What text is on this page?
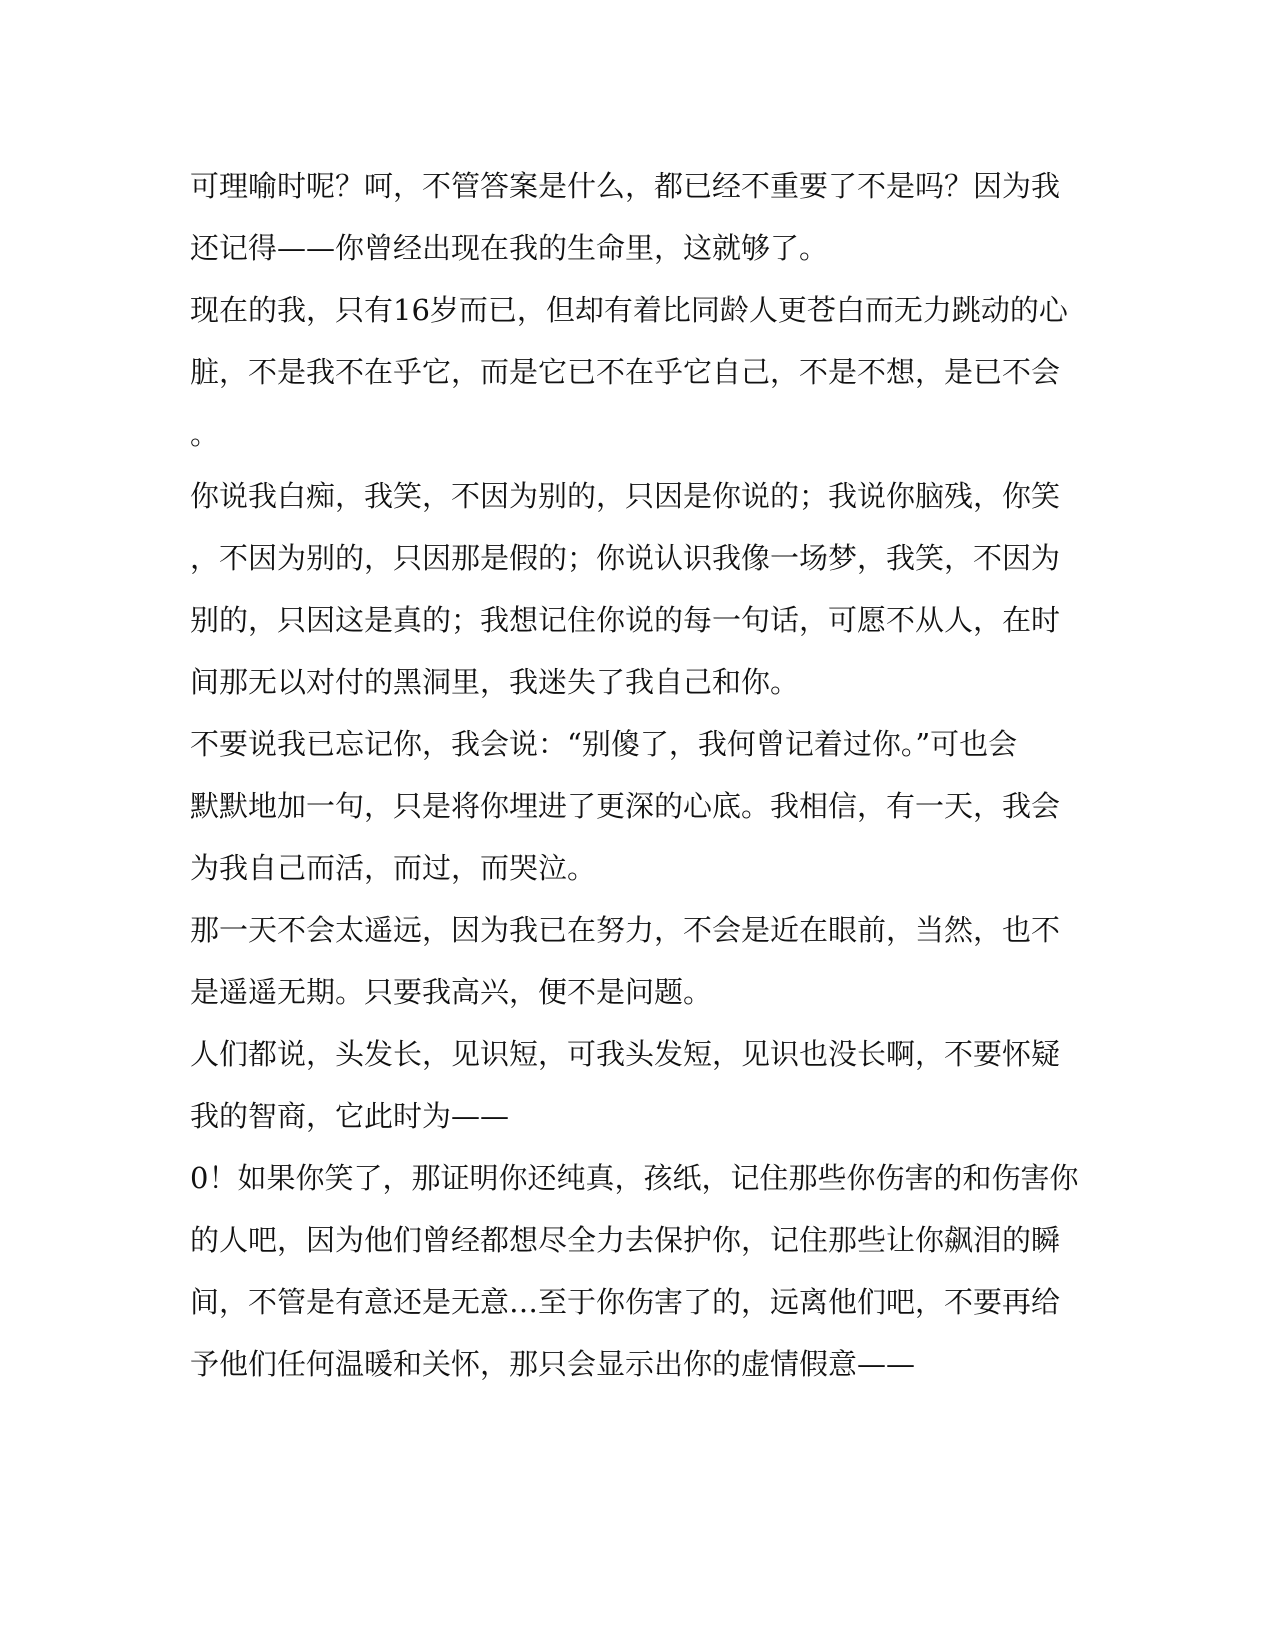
可理喻时呢？呵，不管答案是什么，都已经不重要了不是吗？因为我
还记得——你曾经出现在我的生命里，这就够了。
现在的我，只有16岁而已，但却有着比同龄人更苍白而无力跳动的心
脏，不是我不在乎它，而是它已不在乎它自己，不是不想，是已不会
。
你说我白痴，我笑，不因为别的，只因是你说的；我说你脑残，你笑
，不因为别的，只因那是假的；你说认识我像一场梦，我笑，不因为
别的，只因这是真的；我想记住你说的每一句话，可愿不从人，在时
间那无以对付的黑洞里，我迷失了我自己和你。
不要说我已忘记你，我会说：“别傻了，我何曾记着过你。”可也会
默默地加一句，只是将你埋进了更深的心底。我相信，有一天，我会
为我自己而活，而过，而哭泣。
那一天不会太遥远，因为我已在努力，不会是近在眼前，当然，也不
是遥遥无期。只要我高兴，便不是问题。
人们都说，头发长，见识短，可我头发短，见识也没长啊，不要怀疑
我的智商，它此时为——
0！如果你笑了，那证明你还纯真，孩纸，记住那些你伤害的和伤害你
的人吧，因为他们曾经都想尽全力去保护你，记住那些让你飙泪的瞬
间，不管是有意还是无意…至于你伤害了的，远离他们吧，不要再给
予他们任何温暖和关怀，那只会显示出你的虚情假意——
